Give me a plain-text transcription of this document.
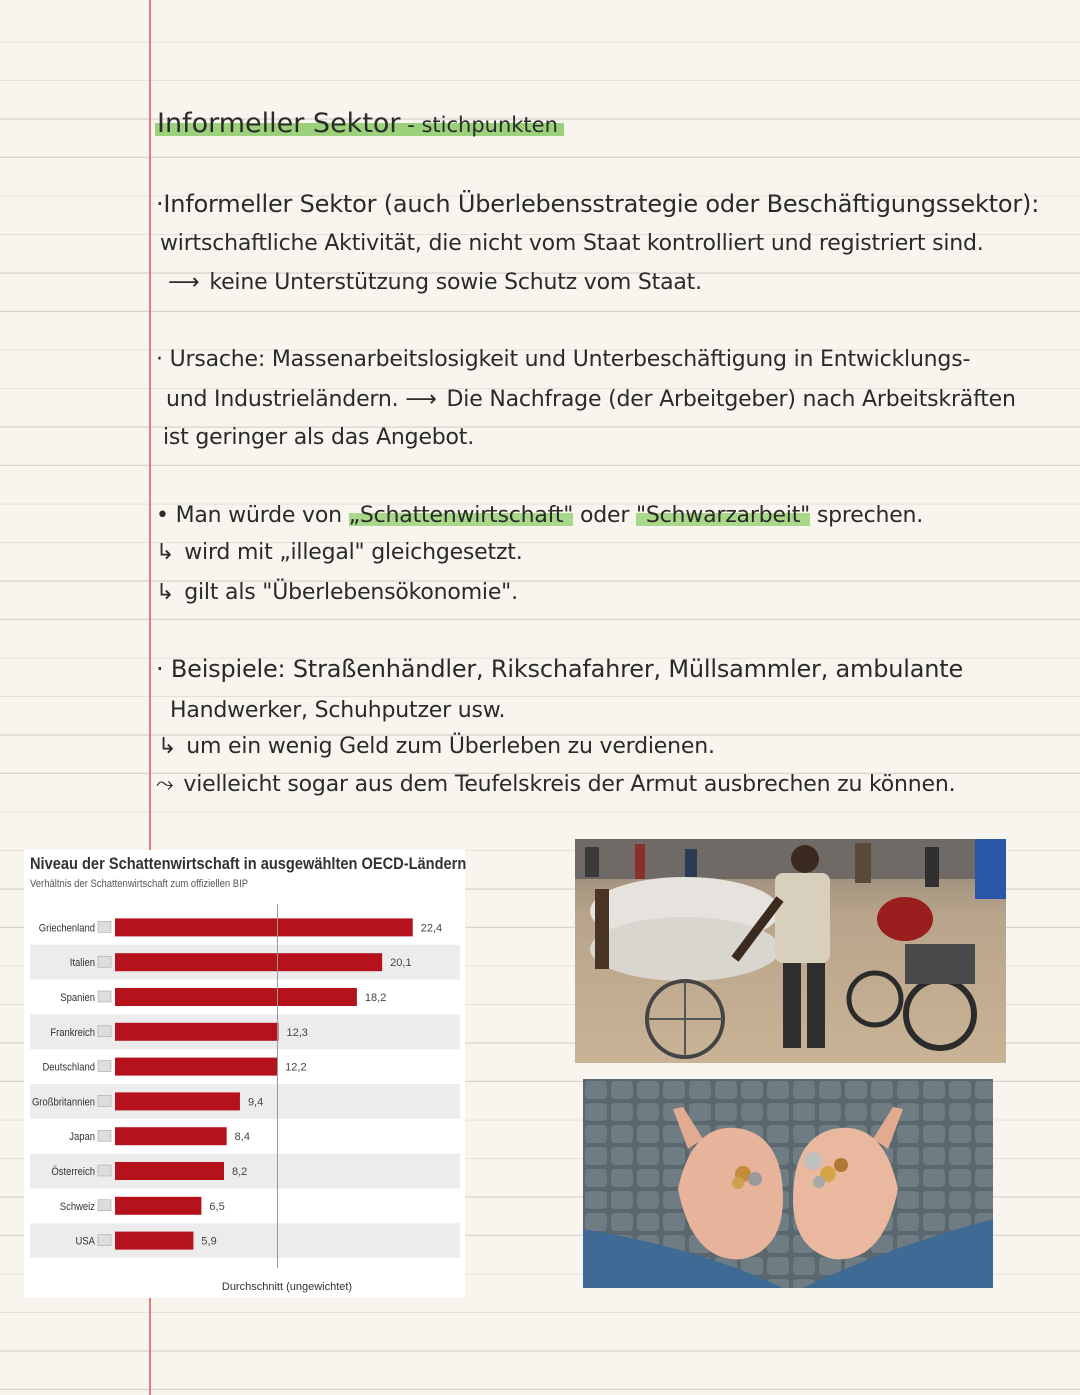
Informeller Sektor - stichpunkten
·Informeller Sektor (auch Überlebensstrategie oder Beschäftigungssektor):
wirtschaftliche Aktivität, die nicht vom Staat kontrolliert und registriert sind.
⟶ keine Unterstützung sowie Schutz vom Staat.
· Ursache: Massenarbeitslosigkeit und Unterbeschäftigung in Entwicklungs-
und Industrieländern. ⟶ Die Nachfrage (der Arbeitgeber) nach Arbeitskräften
ist geringer als das Angebot.
• Man würde von „Schattenwirtschaft" oder "Schwarzarbeit" sprechen.
↳ wird mit „illegal" gleichgesetzt.
↳ gilt als "Überlebensökonomie".
· Beispiele: Straßenhändler, Rikschafahrer, Müllsammler, ambulante
Handwerker, Schuhputzer usw.
↳ um ein wenig Geld zum Überleben zu verdienen.
⤳ vielleicht sogar aus dem Teufelskreis der Armut ausbrechen zu können.
Niveau der Schattenwirtschaft in ausgewählten OECD-Ländern
Verhältnis der Schattenwirtschaft zum offiziellen BIP
Griechenland	22,4
Italien	20,1
Spanien	18,2
Frankreich	12,3
Deutschland	12,2
Großbritannien	9,4
Japan	8,4
Österreich	8,2
Schweiz	6,5
USA	5,9
Durchschnitt (ungewichtet)
